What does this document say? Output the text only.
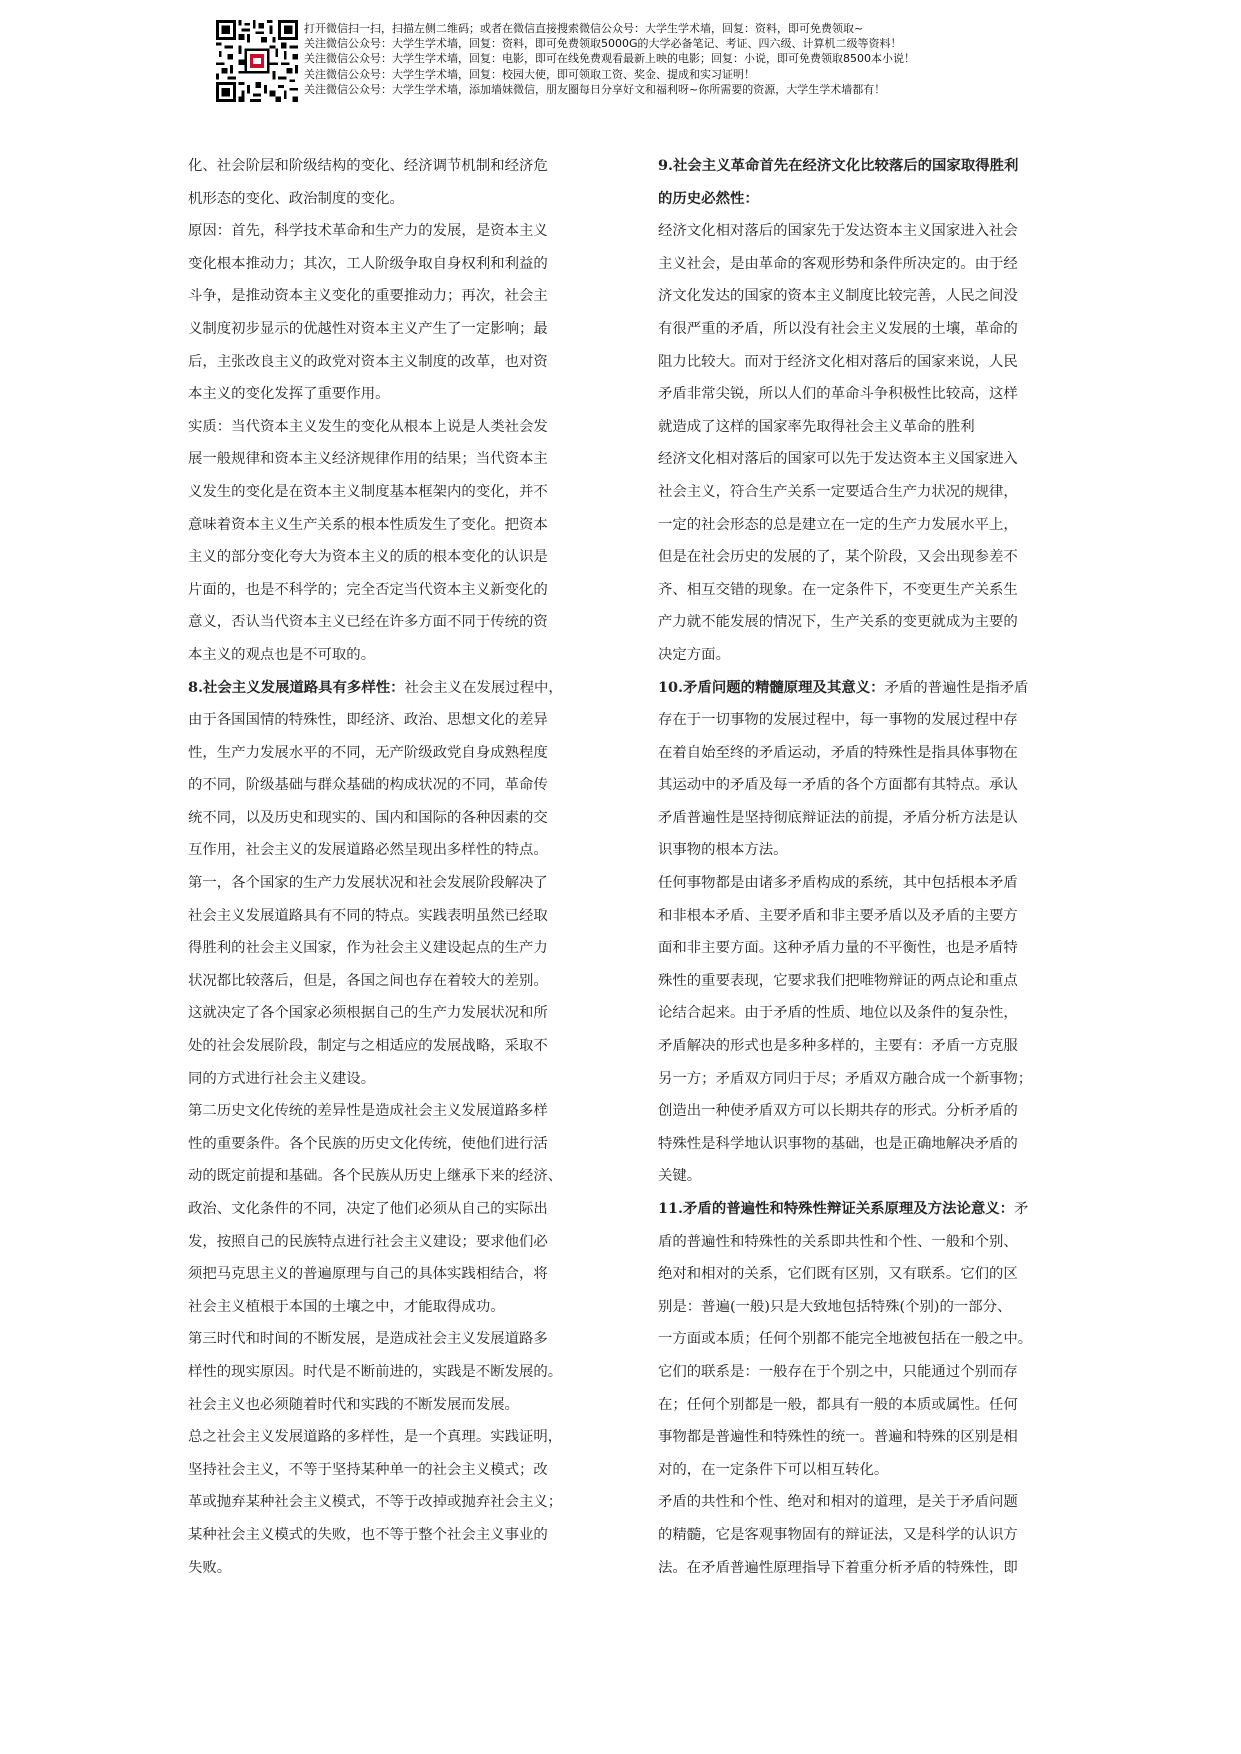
打开微信扫一扫，扫描左侧二维码；或者在微信直接搜索微信公众号：大学生学术墙，回复：资料，即可免费领取~
关注微信公众号：大学生学术墙，回复：资料，即可免费领取5000G的大学必备笔记、考证、四六级、计算机二级等资料！
关注微信公众号：大学生学术墙，回复：电影，即可在线免费观看最新上映的电影；回复：小说，即可免费领取8500本小说！
关注微信公众号：大学生学术墙，回复：校园大使，即可领取工资、奖金、提成和实习证明！
关注微信公众号：大学生学术墙，添加墙妹微信，朋友圈每日分享好文和福利呀~你所需要的资源，大学生学术墙都有！
化、社会阶层和阶级结构的变化、经济调节机制和经济危
机形态的变化、政治制度的变化。
原因：首先，科学技术革命和生产力的发展，是资本主义
变化根本推动力；其次，工人阶级争取自身权利和利益的
斗争，是推动资本主义变化的重要推动力；再次，社会主
义制度初步显示的优越性对资本主义产生了一定影响；最
后，主张改良主义的政党对资本主义制度的改革，也对资
本主义的变化发挥了重要作用。
实质：当代资本主义发生的变化从根本上说是人类社会发
展一般规律和资本主义经济规律作用的结果；当代资本主
义发生的变化是在资本主义制度基本框架内的变化，并不
意味着资本主义生产关系的根本性质发生了变化。把资本
主义的部分变化夸大为资本主义的质的根本变化的认识是
片面的，也是不科学的；完全否定当代资本主义新变化的
意义，否认当代资本主义已经在许多方面不同于传统的资
本主义的观点也是不可取的。
8.社会主义发展道路具有多样性：社会主义在发展过程中，
由于各国国情的特殊性，即经济、政治、思想文化的差异
性，生产力发展水平的不同，无产阶级政党自身成熟程度
的不同，阶级基础与群众基础的构成状况的不同，革命传
统不同，以及历史和现实的、国内和国际的各种因素的交
互作用，社会主义的发展道路必然呈现出多样性的特点。
第一，各个国家的生产力发展状况和社会发展阶段解决了
社会主义发展道路具有不同的特点。实践表明虽然已经取
得胜利的社会主义国家，作为社会主义建设起点的生产力
状况都比较落后，但是，各国之间也存在着较大的差别。
这就决定了各个国家必须根据自己的生产力发展状况和所
处的社会发展阶段，制定与之相适应的发展战略，采取不
同的方式进行社会主义建设。
第二历史文化传统的差异性是造成社会主义发展道路多样
性的重要条件。各个民族的历史文化传统，使他们进行活
动的既定前提和基础。各个民族从历史上继承下来的经济、
政治、文化条件的不同，决定了他们必须从自己的实际出
发，按照自己的民族特点进行社会主义建设；要求他们必
须把马克思主义的普遍原理与自己的具体实践相结合，将
社会主义植根于本国的土壤之中，才能取得成功。
第三时代和时间的不断发展，是造成社会主义发展道路多
样性的现实原因。时代是不断前进的，实践是不断发展的。
社会主义也必须随着时代和实践的不断发展而发展。
总之社会主义发展道路的多样性，是一个真理。实践证明，
坚持社会主义，不等于坚持某种单一的社会主义模式；改
革或抛弃某种社会主义模式，不等于改掉或抛弃社会主义；
某种社会主义模式的失败，也不等于整个社会主义事业的
失败。
9.社会主义革命首先在经济文化比较落后的国家取得胜利
的历史必然性：
经济文化相对落后的国家先于发达资本主义国家进入社会
主义社会，是由革命的客观形势和条件所决定的。由于经
济文化发达的国家的资本主义制度比较完善，人民之间没
有很严重的矛盾，所以没有社会主义发展的土壤，革命的
阻力比较大。而对于经济文化相对落后的国家来说，人民
矛盾非常尖锐，所以人们的革命斗争积极性比较高，这样
就造成了这样的国家率先取得社会主义革命的胜利
经济文化相对落后的国家可以先于发达资本主义国家进入
社会主义，符合生产关系一定要适合生产力状况的规律，
一定的社会形态的总是建立在一定的生产力发展水平上，
但是在社会历史的发展的了，某个阶段，又会出现参差不
齐、相互交错的现象。在一定条件下，不变更生产关系生
产力就不能发展的情况下，生产关系的变更就成为主要的
决定方面。
10.矛盾问题的精髓原理及其意义：矛盾的普遍性是指矛盾
存在于一切事物的发展过程中，每一事物的发展过程中存
在着自始至终的矛盾运动，矛盾的特殊性是指具体事物在
其运动中的矛盾及每一矛盾的各个方面都有其特点。承认
矛盾普遍性是坚持彻底辩证法的前提，矛盾分析方法是认
识事物的根本方法。
任何事物都是由诸多矛盾构成的系统，其中包括根本矛盾
和非根本矛盾、主要矛盾和非主要矛盾以及矛盾的主要方
面和非主要方面。这种矛盾力量的不平衡性，也是矛盾特
殊性的重要表现，它要求我们把唯物辩证的两点论和重点
论结合起来。由于矛盾的性质、地位以及条件的复杂性，
矛盾解决的形式也是多种多样的，主要有：矛盾一方克服
另一方；矛盾双方同归于尽；矛盾双方融合成一个新事物；
创造出一种使矛盾双方可以长期共存的形式。分析矛盾的
特殊性是科学地认识事物的基础，也是正确地解决矛盾的
关键。
11.矛盾的普遍性和特殊性辩证关系原理及方法论意义：矛
盾的普遍性和特殊性的关系即共性和个性、一般和个别、
绝对和相对的关系，它们既有区别，又有联系。它们的区
别是：普遍(一般)只是大致地包括特殊(个别)的一部分、
一方面或本质；任何个别都不能完全地被包括在一般之中。
它们的联系是：一般存在于个别之中，只能通过个别而存
在；任何个别都是一般，都具有一般的本质或属性。任何
事物都是普遍性和特殊性的统一。普遍和特殊的区别是相
对的，在一定条件下可以相互转化。
矛盾的共性和个性、绝对和相对的道理，是关于矛盾问题
的精髓，它是客观事物固有的辩证法，又是科学的认识方
法。在矛盾普遍性原理指导下着重分析矛盾的特殊性，即
